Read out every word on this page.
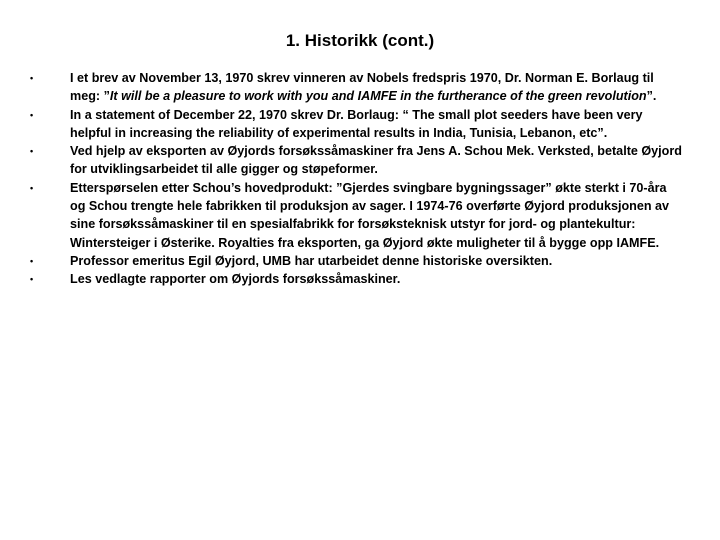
1. Historikk (cont.)
•	I et brev av November 13, 1970 skrev vinneren av Nobels fredspris 1970, Dr. Norman E. Borlaug til meg: ”It will be a pleasure to work with you and IAMFE in the furtherance of the green revolution”.
•	In a statement of December 22, 1970 skrev Dr. Borlaug: “ The small plot seeders have been very helpful in increasing the reliability of experimental results in India, Tunisia, Lebanon, etc”.
•	Ved hjelp av eksporten av Øyjords forsøkssåmaskiner fra Jens A. Schou Mek. Verksted, betalte Øyjord for utviklingsarbeidet til alle gigger og støpeformer.
•	Etterspørselen etter Schou’s hovedprodukt: ”Gjerdes svingbare bygningssager” økte sterkt i 70-åra og Schou trengte hele fabrikken til produksjon av sager. I 1974-76 overførte Øyjord produksjonen av sine forsøkssåmaskiner til en spesialfabrikk for forsøksteknisk utstyr for jord- og plantekultur: Wintersteiger i Østerike. Royalties fra eksporten, ga Øyjord økte muligheter til å bygge opp IAMFE.
•	Professor emeritus Egil Øyjord, UMB har utarbeidet denne historiske oversikten.
•	Les vedlagte rapporter om Øyjords forsøkssåmaskiner.
